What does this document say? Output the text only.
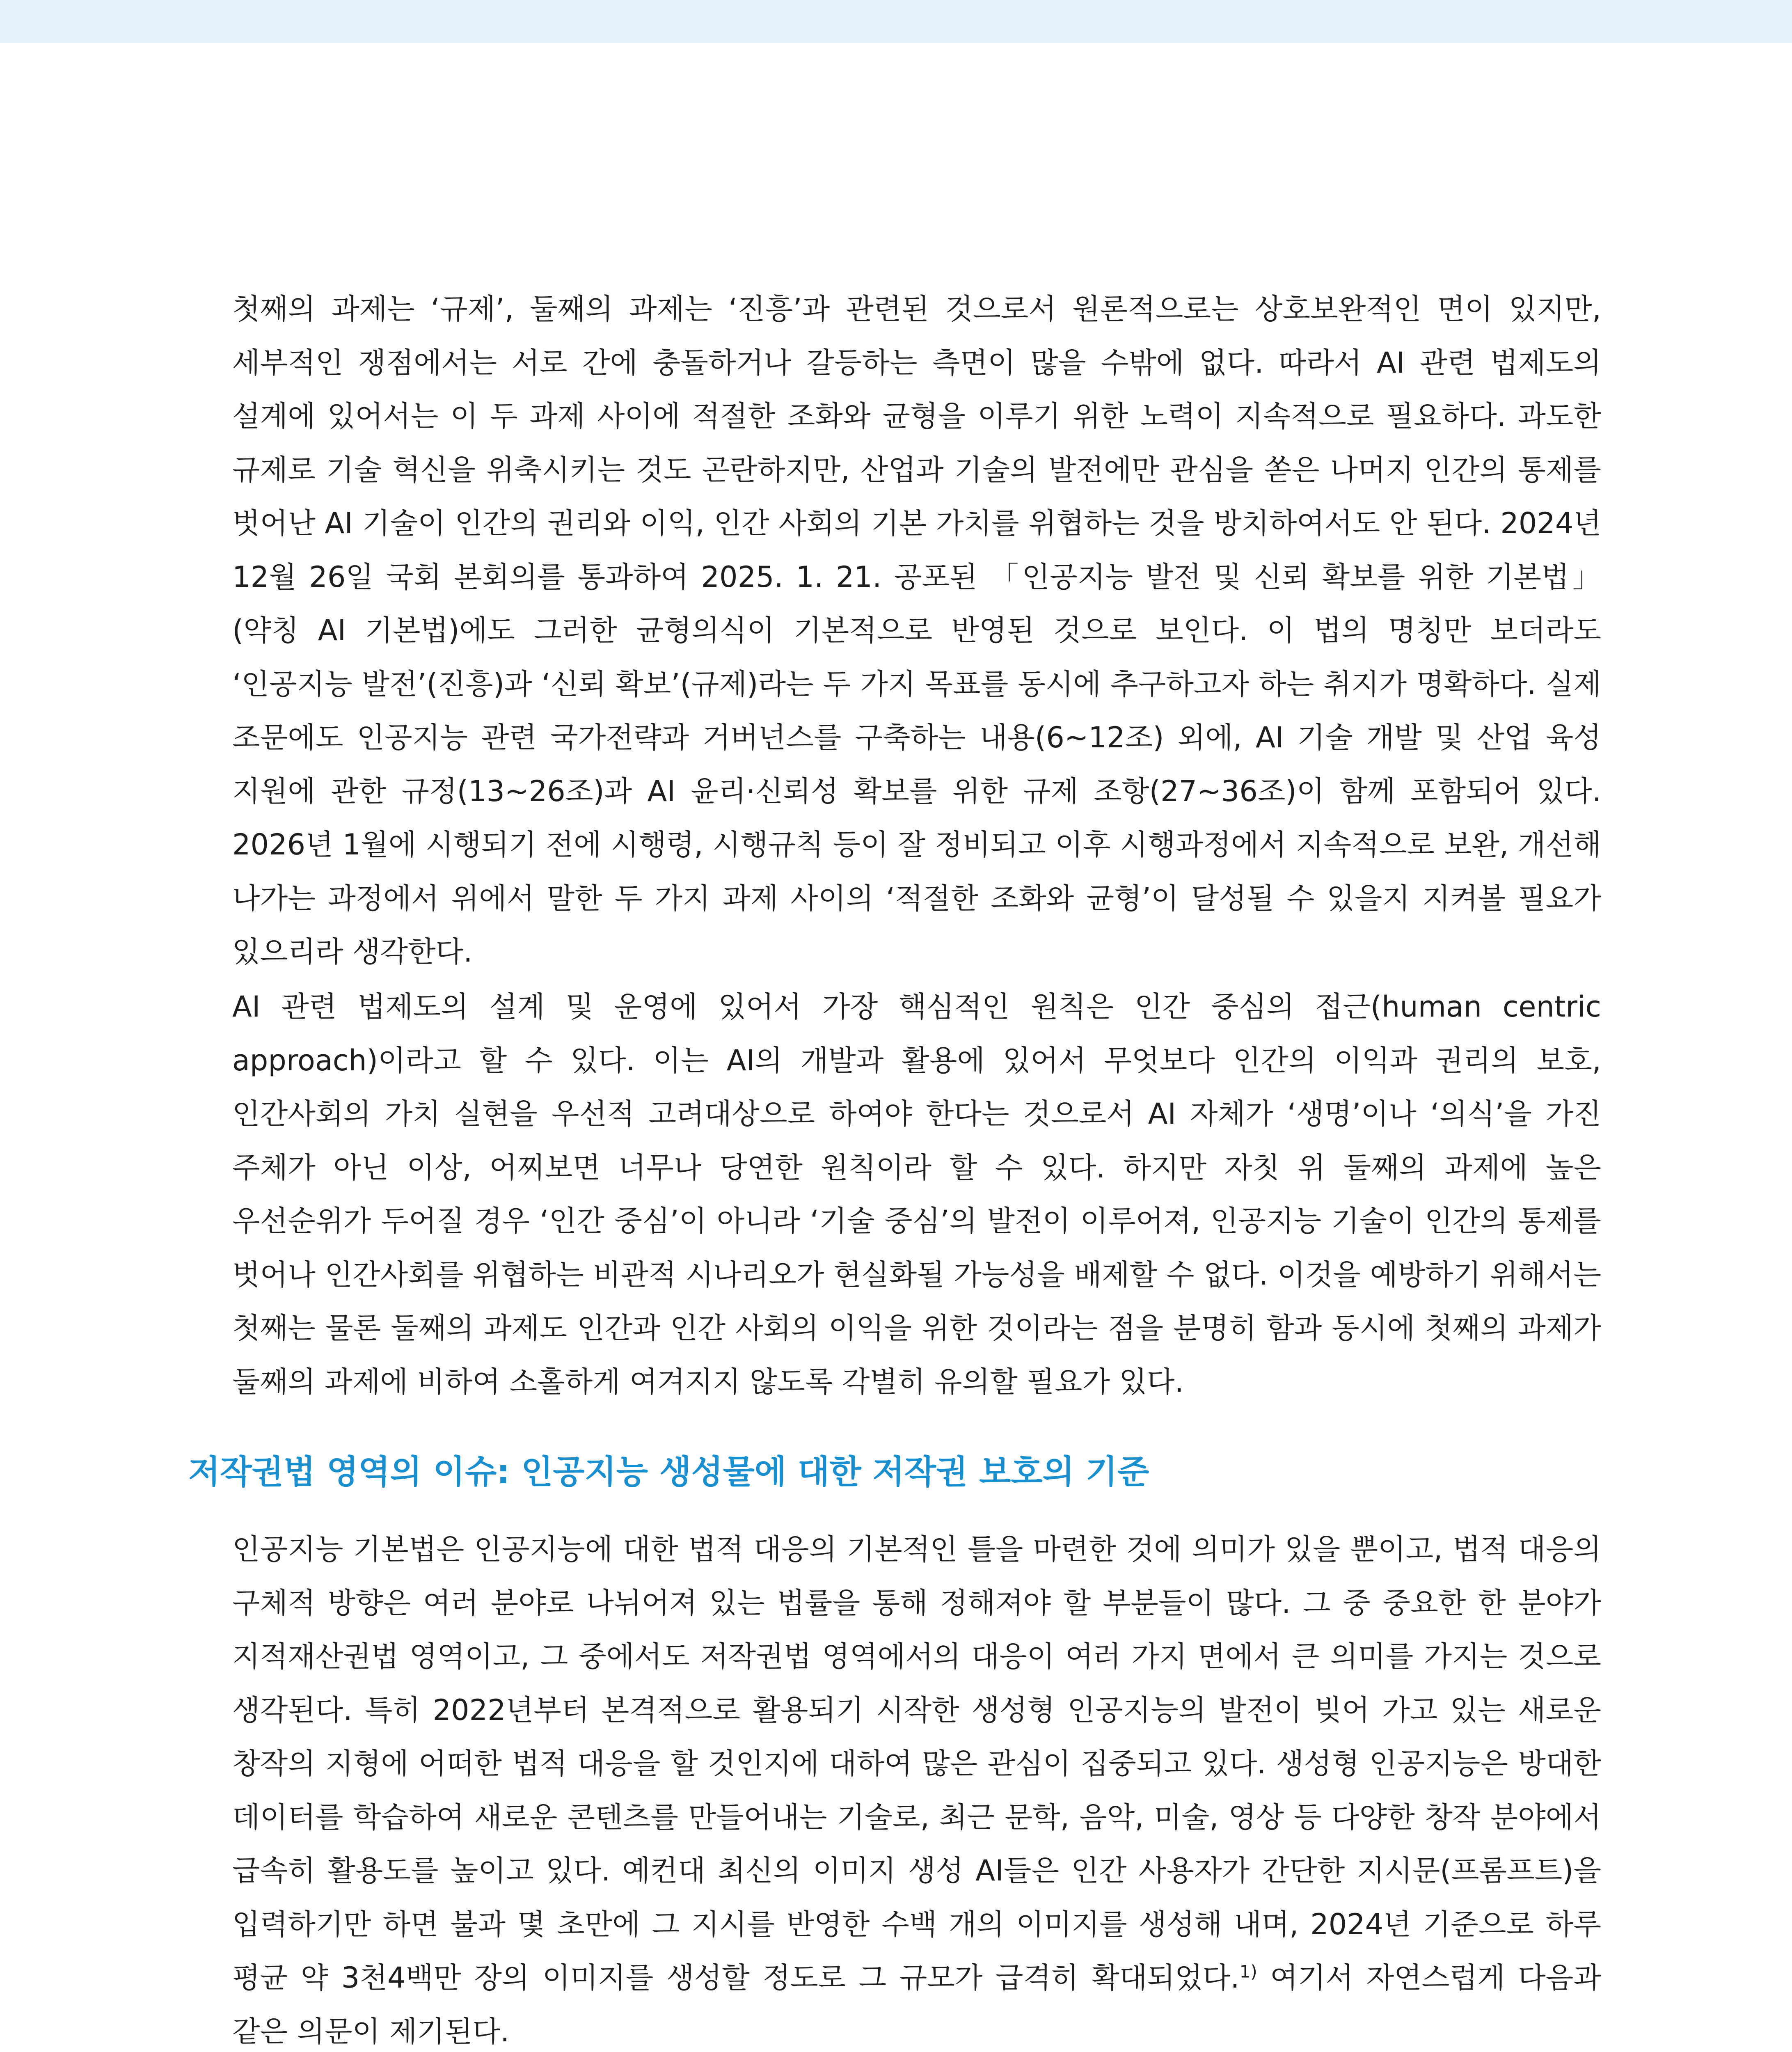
첫째의 과제는 ‘규제’, 둘째의 과제는 ‘진흥’과 관련된 것으로서 원론적으로는 상호보완적인 면이 있지만, 세부적인 쟁점에서는 서로 간에 충돌하거나 갈등하는 측면이 많을 수밖에 없다. 따라서 AI 관련 법제도의 설계에 있어서는 이 두 과제 사이에 적절한 조화와 균형을 이루기 위한 노력이 지속적으로 필요하다. 과도한 규제로 기술 혁신을 위축시키는 것도 곤란하지만, 산업과 기술의 발전에만 관심을 쏟은 나머지 인간의 통제를 벗어난 AI 기술이 인간의 권리와 이익, 인간 사회의 기본 가치를 위협하는 것을 방치하여서도 안 된다. 2024년 12월 26일 국회 본회의를 통과하여 2025. 1. 21. 공포된 「인공지능 발전 및 신뢰 확보를 위한 기본법」(약칭 AI 기본법)에도 그러한 균형의식이 기본적으로 반영된 것으로 보인다. 이 법의 명칭만 보더라도 ‘인공지능 발전’(진흥)과 ‘신뢰 확보’(규제)라는 두 가지 목표를 동시에 추구하고자 하는 취지가 명확하다. 실제 조문에도 인공지능 관련 국가전략과 거버넌스를 구축하는 내용(6~12조) 외에, AI 기술 개발 및 산업 육성 지원에 관한 규정(13~26조)과 AI 윤리·신뢰성 확보를 위한 규제 조항(27~36조)이 함께 포함되어 있다. 2026년 1월에 시행되기 전에 시행령, 시행규칙 등이 잘 정비되고 이후 시행과정에서 지속적으로 보완, 개선해 나가는 과정에서 위에서 말한 두 가지 과제 사이의 ‘적절한 조화와 균형’이 달성될 수 있을지 지켜볼 필요가 있으리라 생각한다.

AI 관련 법제도의 설계 및 운영에 있어서 가장 핵심적인 원칙은 인간 중심의 접근(human centric approach)이라고 할 수 있다. 이는 AI의 개발과 활용에 있어서 무엇보다 인간의 이익과 권리의 보호, 인간사회의 가치 실현을 우선적 고려대상으로 하여야 한다는 것으로서 AI 자체가 ‘생명’이나 ‘의식’을 가진 주체가 아닌 이상, 어찌보면 너무나 당연한 원칙이라 할 수 있다. 하지만 자칫 위 둘째의 과제에 높은 우선순위가 두어질 경우 ‘인간 중심’이 아니라 ‘기술 중심’의 발전이 이루어져, 인공지능 기술이 인간의 통제를 벗어나 인간사회를 위협하는 비관적 시나리오가 현실화될 가능성을 배제할 수 없다. 이것을 예방하기 위해서는 첫째는 물론 둘째의 과제도 인간과 인간 사회의 이익을 위한 것이라는 점을 분명히 함과 동시에 첫째의 과제가 둘째의 과제에 비하여 소홀하게 여겨지지 않도록 각별히 유의할 필요가 있다.

저작권법 영역의 이슈: 인공지능 생성물에 대한 저작권 보호의 기준

인공지능 기본법은 인공지능에 대한 법적 대응의 기본적인 틀을 마련한 것에 의미가 있을 뿐이고, 법적 대응의 구체적 방향은 여러 분야로 나뉘어져 있는 법률을 통해 정해져야 할 부분들이 많다. 그 중 중요한 한 분야가 지적재산권법 영역이고, 그 중에서도 저작권법 영역에서의 대응이 여러 가지 면에서 큰 의미를 가지는 것으로 생각된다. 특히 2022년부터 본격적으로 활용되기 시작한 생성형 인공지능의 발전이 빚어 가고 있는 새로운 창작의 지형에 어떠한 법적 대응을 할 것인지에 대하여 많은 관심이 집중되고 있다. 생성형 인공지능은 방대한 데이터를 학습하여 새로운 콘텐츠를 만들어내는 기술로, 최근 문학, 음악, 미술, 영상 등 다양한 창작 분야에서 급속히 활용도를 높이고 있다. 예컨대 최신의 이미지 생성 AI들은 인간 사용자가 간단한 지시문(프롬프트)을 입력하기만 하면 불과 몇 초만에 그 지시를 반영한 수백 개의 이미지를 생성해 내며, 2024년 기준으로 하루 평균 약 3천4백만 장의 이미지를 생성할 정도로 그 규모가 급격히 확대되었다.$^{1)}$ 여기서 자연스럽게 다음과 같은 의문이 제기된다.
